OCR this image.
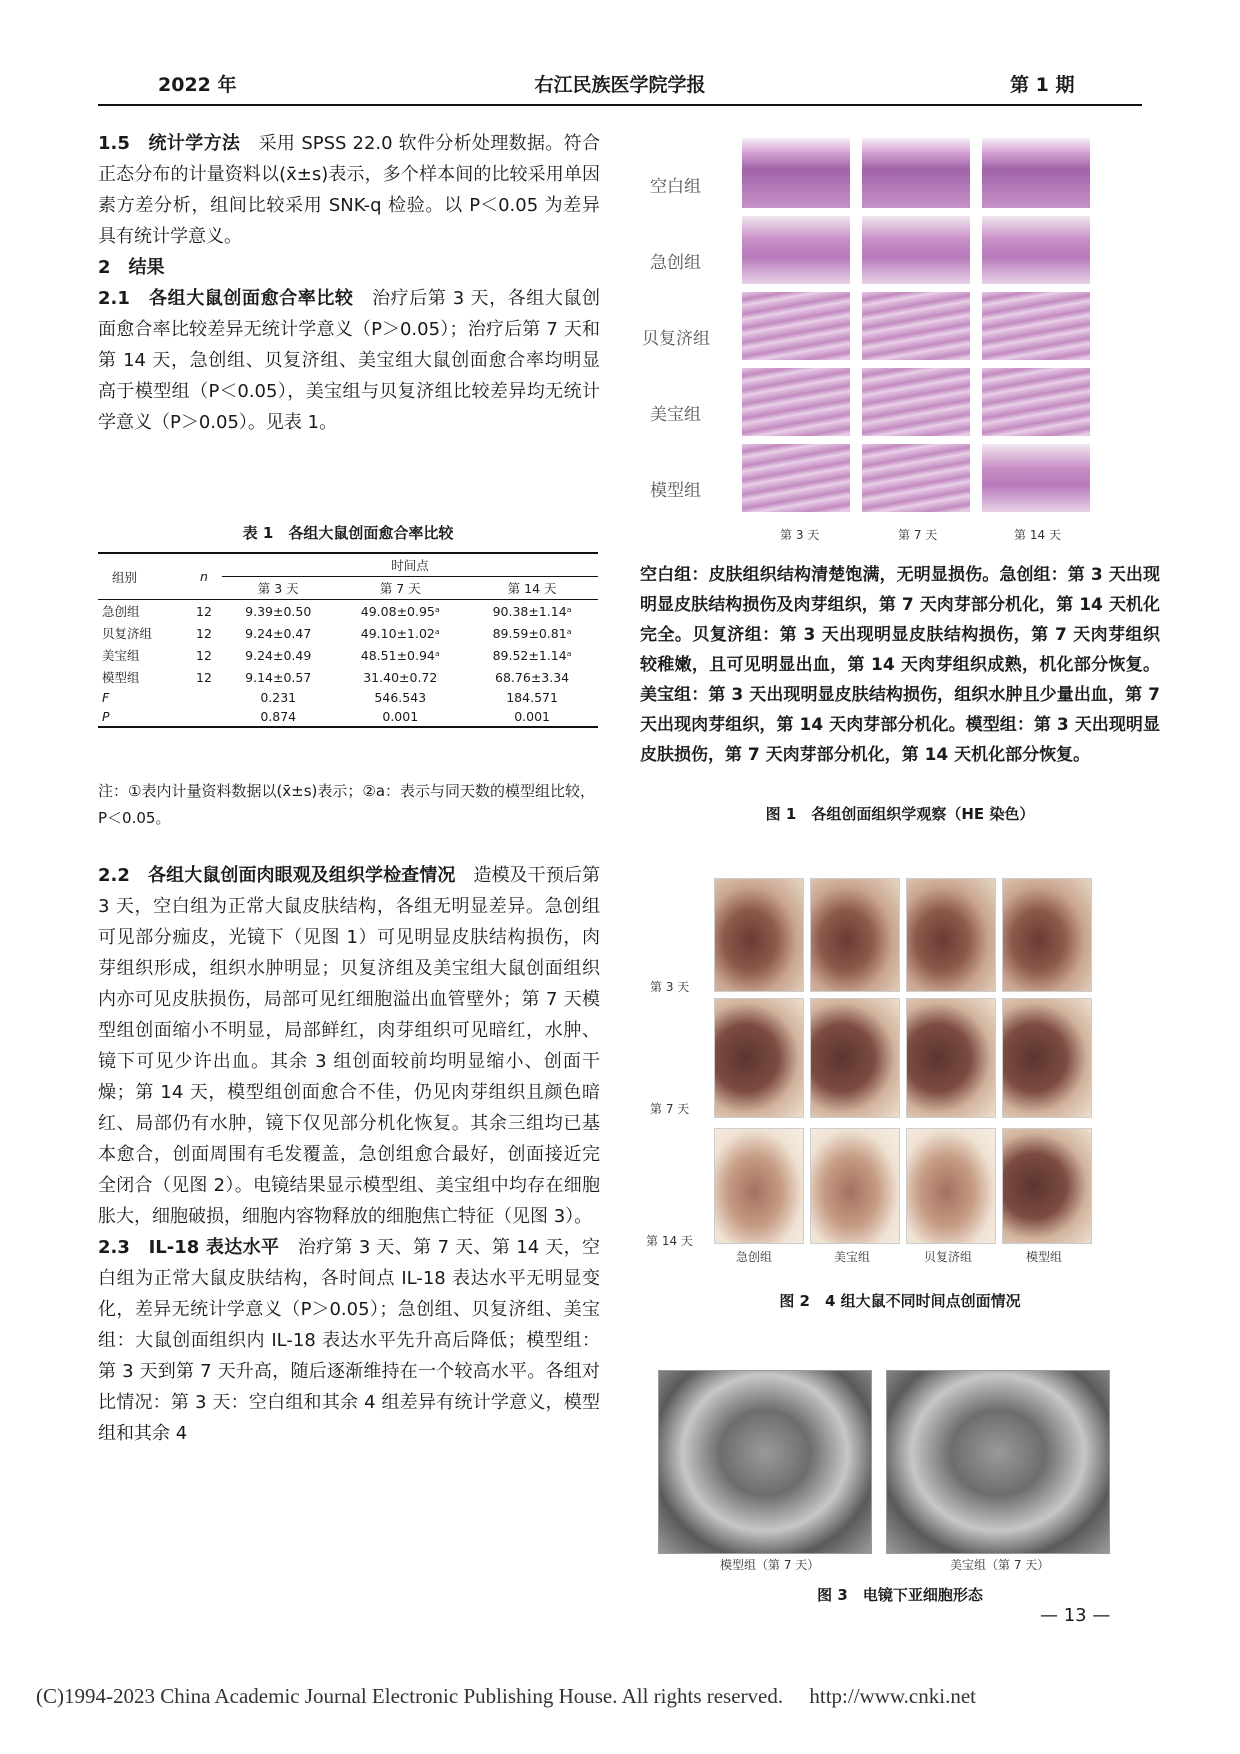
2022 年	右江民族医学院学报	第 1 期

1.5　统计学方法　采用 SPSS 22.0 软件分析处理数据。符合正态分布的计量资料以(x̄±s)表示，多个样本间的比较采用单因素方差分析，组间比较采用 SNK-q 检验。以 P＜0.05 为差异具有统计学意义。

2　结果

2.1　各组大鼠创面愈合率比较　治疗后第 3 天，各组大鼠创面愈合率比较差异无统计学意义（P＞0.05）；治疗后第 7 天和第 14 天，急创组、贝复济组、美宝组大鼠创面愈合率均明显高于模型组（P＜0.05），美宝组与贝复济组比较差异均无统计学意义（P＞0.05）。见表 1。

表 1　各组大鼠创面愈合率比较
组别	n	时间点		
		第 3 天	第 7 天	第 14 天
急创组	12	9.39±0.50	49.08±0.95ᵃ	90.38±1.14ᵃ
贝复济组	12	9.24±0.47	49.10±1.02ᵃ	89.59±0.81ᵃ
美宝组	12	9.24±0.49	48.51±0.94ᵃ	89.52±1.14ᵃ
模型组	12	9.14±0.57	31.40±0.72	68.76±3.34
F		0.231	546.543	184.571
P		0.874	0.001	0.001
注：①表内计量资料数据以(x̄±s)表示；②a：表示与同天数的模型组比较，P＜0.05。

2.2　各组大鼠创面肉眼观及组织学检查情况　造模及干预后第 3 天，空白组为正常大鼠皮肤结构，各组无明显差异。急创组可见部分痂皮，光镜下（见图 1）可见明显皮肤结构损伤，肉芽组织形成，组织水肿明显；贝复济组及美宝组大鼠创面组织内亦可见皮肤损伤，局部可见红细胞溢出血管壁外；第 7 天模型组创面缩小不明显，局部鲜红，肉芽组织可见暗红，水肿、镜下可见少许出血。其余 3 组创面较前均明显缩小、创面干燥；第 14 天，模型组创面愈合不佳，仍见肉芽组织且颜色暗红、局部仍有水肿，镜下仅见部分机化恢复。其余三组均已基本愈合，创面周围有毛发覆盖，急创组愈合最好，创面接近完全闭合（见图 2）。电镜结果显示模型组、美宝组中均存在细胞胀大，细胞破损，细胞内容物释放的细胞焦亡特征（见图 3）。

2.3　IL-18 表达水平　治疗第 3 天、第 7 天、第 14 天，空白组为正常大鼠皮肤结构，各时间点 IL-18 表达水平无明显变化，差异无统计学意义（P＞0.05）；急创组、贝复济组、美宝组：大鼠创面组织内 IL-18 表达水平先升高后降低；模型组：第 3 天到第 7 天升高，随后逐渐维持在一个较高水平。各组对比情况：第 3 天：空白组和其余 4 组差异有统计学意义，模型组和其余 4

空白组
急创组
贝复济组
美宝组
模型组
第 3 天	第 7 天	第 14 天
空白组：皮肤组织结构清楚饱满，无明显损伤。急创组：第 3 天出现明显皮肤结构损伤及肉芽组织，第 7 天肉芽部分机化，第 14 天机化完全。贝复济组：第 3 天出现明显皮肤结构损伤，第 7 天肉芽组织较稚嫩，且可见明显出血，第 14 天肉芽组织成熟，机化部分恢复。美宝组：第 3 天出现明显皮肤结构损伤，组织水肿且少量出血，第 7 天出现肉芽组织，第 14 天肉芽部分机化。模型组：第 3 天出现明显皮肤损伤，第 7 天肉芽部分机化，第 14 天机化部分恢复。
图 1　各组创面组织学观察（HE 染色）
第 3 天
第 7 天
第 14 天
急创组	美宝组	贝复济组	模型组
图 2　4 组大鼠不同时间点创面情况
模型组（第 7 天）	美宝组（第 7 天）
图 3　电镜下亚细胞形态
— 13 —
(C)1994-2023 China Academic Journal Electronic Publishing House. All rights reserved.　 http://www.cnki.net
